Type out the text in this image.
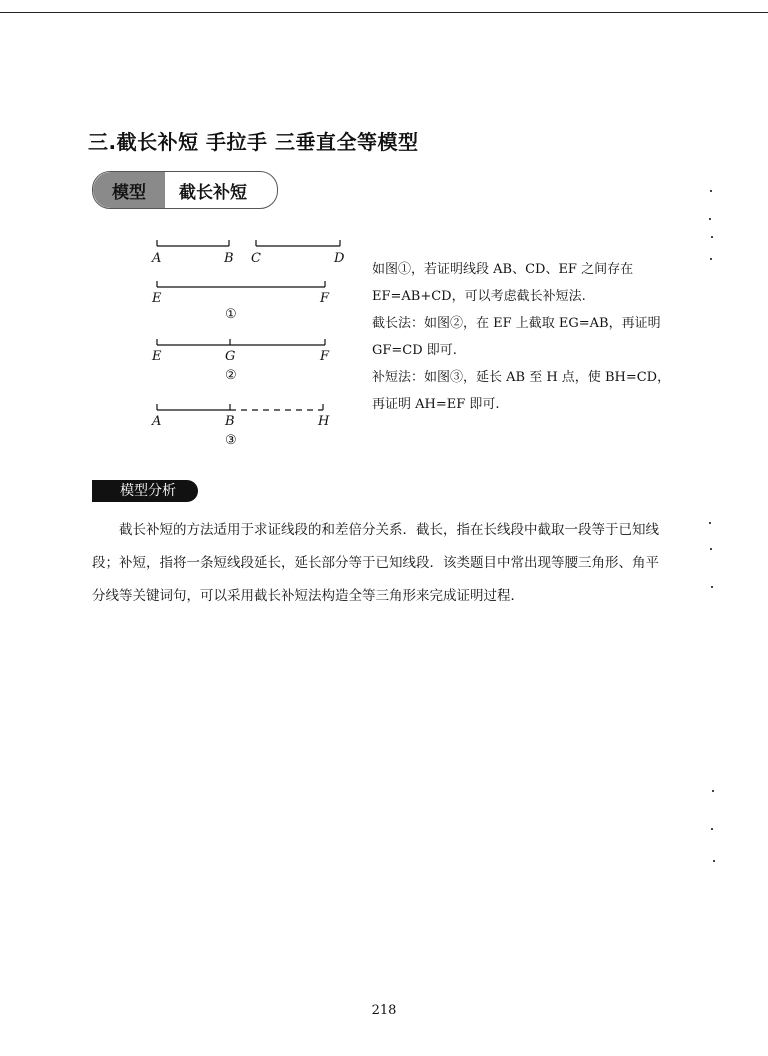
三.截长补短 手拉手 三垂直全等模型
模型	截长补短
A	B C	D
E	F
①
E	G	F
②
A	B	H
③

如图①，若证明线段 AB、CD、EF 之间存在

EF=AB+CD，可以考虑截长补短法.

截长法：如图②，在 EF 上截取 EG=AB，再证明

GF=CD 即可.

补短法：如图③，延长 AB 至 H 点，使 BH=CD，

再证明 AH=EF 即可.

模型分析
截长补短的方法适用于求证线段的和差倍分关系．截长，指在长线段中截取一段等于已知线段；补短，指将一条短线段延长，延长部分等于已知线段．该类题目中常出现等腰三角形、角平分线等关键词句，可以采用截长补短法构造全等三角形来完成证明过程．
218
